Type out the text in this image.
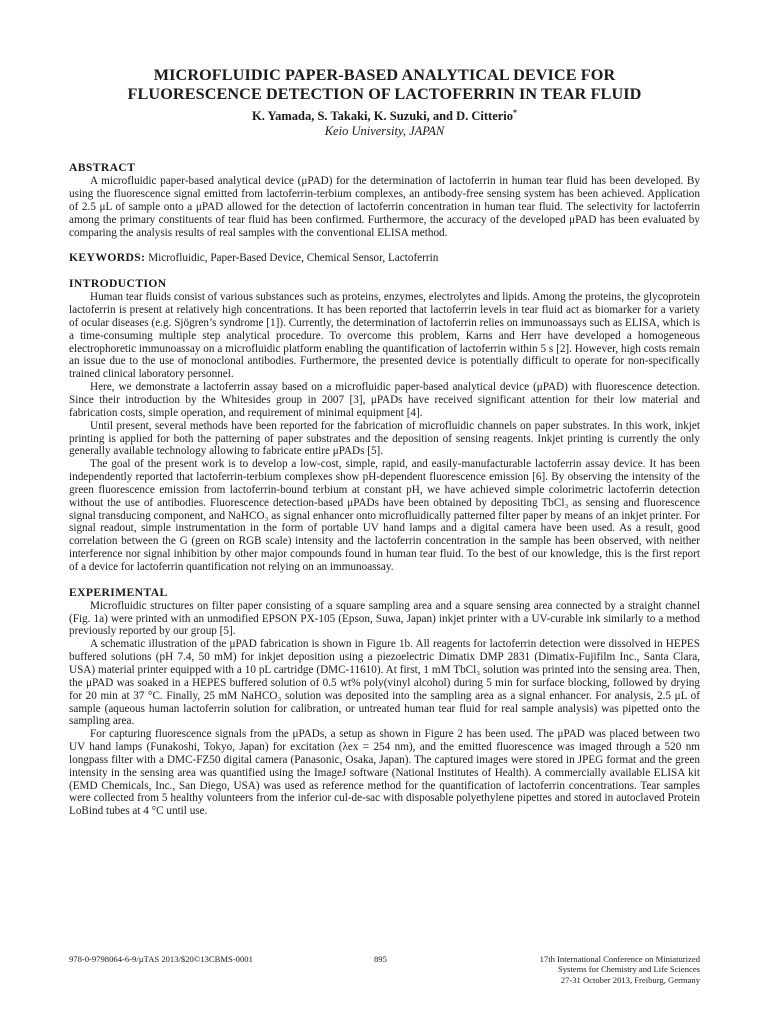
MICROFLUIDIC PAPER-BASED ANALYTICAL DEVICE FOR
FLUORESCENCE DETECTION OF LACTOFERRIN IN TEAR FLUID

K. Yamada, S. Takaki, K. Suzuki, and D. Citterio*

Keio University, JAPAN

ABSTRACT

A microfluidic paper-based analytical device (μPAD) for the determination of lactoferrin in human tear fluid has been developed. By using the fluorescence signal emitted from lactoferrin-terbium complexes, an antibody-free sensing system has been achieved. Application of 2.5 μL of sample onto a μPAD allowed for the detection of lactoferrin concentration in human tear fluid. The selectivity for lactoferrin among the primary constituents of tear fluid has been confirmed. Furthermore, the accuracy of the developed μPAD has been evaluated by comparing the analysis results of real samples with the conventional ELISA method.

KEYWORDS: Microfluidic, Paper-Based Device, Chemical Sensor, Lactoferrin

INTRODUCTION

Human tear fluids consist of various substances such as proteins, enzymes, electrolytes and lipids. Among the proteins, the glycoprotein lactoferrin is present at relatively high concentrations. It has been reported that lactoferrin levels in tear fluid act as biomarker for a variety of ocular diseases (e.g. Sjögren’s syndrome [1]). Currently, the determination of lactoferrin relies on immunoassays such as ELISA, which is a time-consuming multiple step analytical procedure. To overcome this problem, Karns and Herr have developed a homogeneous electrophoretic immunoassay on a microfluidic platform enabling the quantification of lactoferrin within 5 s [2]. However, high costs remain an issue due to the use of monoclonal antibodies. Furthermore, the presented device is potentially difficult to operate for non-specifically trained clinical laboratory personnel.

Here, we demonstrate a lactoferrin assay based on a microfluidic paper-based analytical device (μPAD) with fluorescence detection. Since their introduction by the Whitesides group in 2007 [3], μPADs have received significant attention for their low material and fabrication costs, simple operation, and requirement of minimal equipment [4].

Until present, several methods have been reported for the fabrication of microfluidic channels on paper substrates. In this work, inkjet printing is applied for both the patterning of paper substrates and the deposition of sensing reagents. Inkjet printing is currently the only generally available technology allowing to fabricate entire μPADs [5].

The goal of the present work is to develop a low-cost, simple, rapid, and easily-manufacturable lactoferrin assay device. It has been independently reported that lactoferrin-terbium complexes show pH-dependent fluorescence emission [6]. By observing the intensity of the green fluorescence emission from lactoferrin-bound terbium at constant pH, we have achieved simple colorimetric lactoferrin detection without the use of antibodies. Fluorescence detection-based μPADs have been obtained by depositing TbCl₃ as sensing and fluorescence signal transducing component, and NaHCO₃ as signal enhancer onto microfluidically patterned filter paper by means of an inkjet printer. For signal readout, simple instrumentation in the form of portable UV hand lamps and a digital camera have been used. As a result, good correlation between the G (green on RGB scale) intensity and the lactoferrin concentration in the sample has been observed, with neither interference nor signal inhibition by other major compounds found in human tear fluid. To the best of our knowledge, this is the first report of a device for lactoferrin quantification not relying on an immunoassay.

EXPERIMENTAL

Microfluidic structures on filter paper consisting of a square sampling area and a square sensing area connected by a straight channel (Fig. 1a) were printed with an unmodified EPSON PX-105 (Epson, Suwa, Japan) inkjet printer with a UV-curable ink similarly to a method previously reported by our group [5].

A schematic illustration of the μPAD fabrication is shown in Figure 1b. All reagents for lactoferrin detection were dissolved in HEPES buffered solutions (pH 7.4, 50 mM) for inkjet deposition using a piezoelectric Dimatix DMP 2831 (Dimatix-Fujifilm Inc., Santa Clara, USA) material printer equipped with a 10 pL cartridge (DMC-11610). At first, 1 mM TbCl₃ solution was printed into the sensing area. Then, the μPAD was soaked in a HEPES buffered solution of 0.5 wt% poly(vinyl alcohol) during 5 min for surface blocking, followed by drying for 20 min at 37 °C. Finally, 25 mM NaHCO₃ solution was deposited into the sampling area as a signal enhancer. For analysis, 2.5 μL of sample (aqueous human lactoferrin solution for calibration, or untreated human tear fluid for real sample analysis) was pipetted onto the sampling area.

For capturing fluorescence signals from the μPADs, a setup as shown in Figure 2 has been used. The μPAD was placed between two UV hand lamps (Funakoshi, Tokyo, Japan) for excitation (λex = 254 nm), and the emitted fluorescence was imaged through a 520 nm longpass filter with a DMC-FZ50 digital camera (Panasonic, Osaka, Japan). The captured images were stored in JPEG format and the green intensity in the sensing area was quantified using the ImageJ software (National Institutes of Health). A commercially available ELISA kit (EMD Chemicals, Inc., San Diego, USA) was used as reference method for the quantification of lactoferrin concentrations. Tear samples were collected from 5 healthy volunteers from the inferior cul-de-sac with disposable polyethylene pipettes and stored in autoclaved Protein LoBind tubes at 4 °C until use.

978-0-9798064-6-9/µTAS 2013/$20©13CBMS-0001	895	17th International Conference on Miniaturized
Systems for Chemistry and Life Sciences
27-31 October 2013, Freiburg, Germany
